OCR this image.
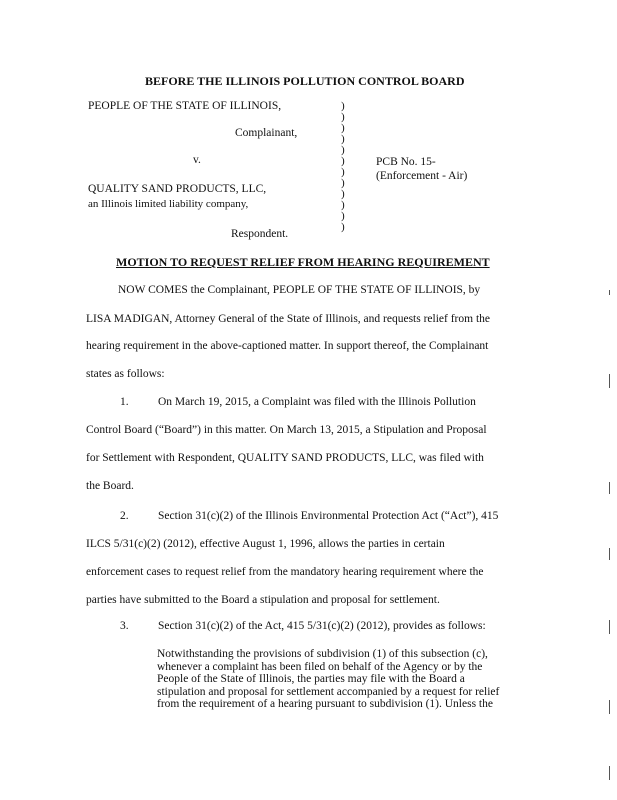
BEFORE THE ILLINOIS POLLUTION CONTROL BOARD
PEOPLE OF THE STATE OF ILLINOIS,
Complainant,
v.
QUALITY SAND PRODUCTS, LLC,
an Illinois limited liability company,
Respondent.
)
)
)
)
)
)
)
)
)
)
)
)
PCB No. 15-
(Enforcement - Air)
MOTION TO REQUEST RELIEF FROM HEARING REQUIREMENT
NOW COMES the Complainant, PEOPLE OF THE STATE OF ILLINOIS, by
LISA MADIGAN, Attorney General of the State of Illinois, and requests relief from the
hearing requirement in the above-captioned matter. In support thereof, the Complainant
states as follows:
1.	On March 19, 2015, a Complaint was filed with the Illinois Pollution
Control Board (“Board”) in this matter. On March 13, 2015, a Stipulation and Proposal
for Settlement with Respondent, QUALITY SAND PRODUCTS, LLC, was filed with
the Board.
2.	Section 31(c)(2) of the Illinois Environmental Protection Act (“Act”), 415
ILCS 5/31(c)(2) (2012), effective August 1, 1996, allows the parties in certain
enforcement cases to request relief from the mandatory hearing requirement where the
parties have submitted to the Board a stipulation and proposal for settlement.
3.	Section 31(c)(2) of the Act, 415 5/31(c)(2) (2012), provides as follows:
Notwithstanding the provisions of subdivision (1) of this subsection (c),
whenever a complaint has been filed on behalf of the Agency or by the
People of the State of Illinois, the parties may file with the Board a
stipulation and proposal for settlement accompanied by a request for relief
from the requirement of a hearing pursuant to subdivision (1). Unless the
